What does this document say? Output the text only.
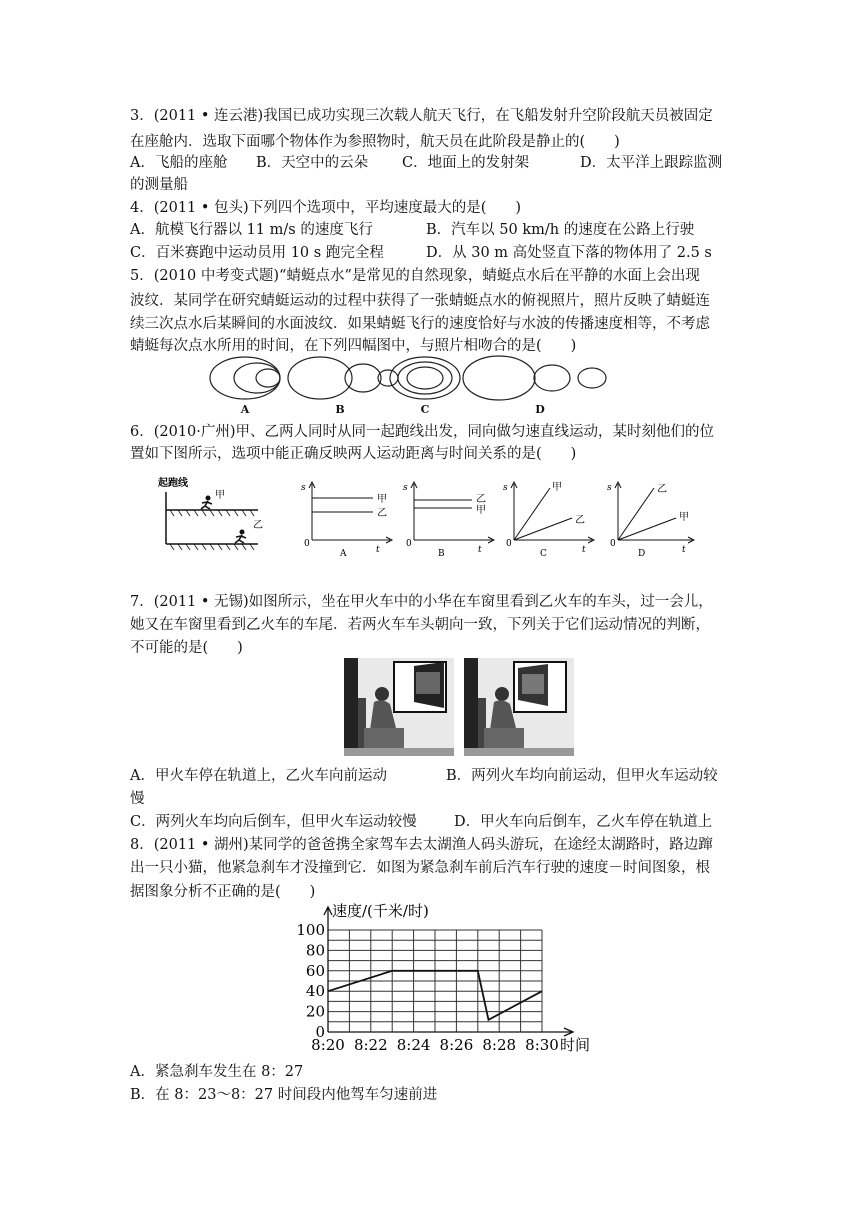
3．(2011 • 连云港)我国已成功实现三次载人航天飞行，在飞船发射升空阶段航天员被固定
在座舱内．选取下面哪个物体作为参照物时，航天员在此阶段是静止的(　　)
A．飞船的座舱 B．天空中的云朵 C．地面上的发射架	D．太平洋上跟踪监测
的测量船
4．(2011 • 包头)下列四个选项中，平均速度最大的是(　　)
A．航模飞行器以 11 m/s 的速度飞行	B．汽车以 50 km/h 的速度在公路上行驶
C．百米赛跑中运动员用 10 s 跑完全程	D．从 30 m 高处竖直下落的物体用了 2.5 s
5．(2010 中考变式题)“蜻蜓点水”是常见的自然现象，蜻蜓点水后在平静的水面上会出现
波纹．某同学在研究蜻蜓运动的过程中获得了一张蜻蜓点水的俯视照片，照片反映了蜻蜓连
续三次点水后某瞬间的水面波纹．如果蜻蜓飞行的速度恰好与水波的传播速度相等，不考虑
蜻蜓每次点水所用的时间，在下列四幅图中，与照片相吻合的是(　　)
A	B	C	D
6．(2010·广州)甲、乙两人同时从同一起跑线出发，同向做匀速直线运动，某时刻他们的位
置如下图所示，选项中能正确反映两人运动距离与时间关系的是(　　)
起跑线
甲
乙
s
0
t
甲
乙
A
s
0
t
乙
甲
B
s
0
t
甲
乙
C
s
0
t
乙
甲
D
7．(2011 • 无锡)如图所示，坐在甲火车中的小华在车窗里看到乙火车的车头，过一会儿，
她又在车窗里看到乙火车的车尾．若两火车车头朝向一致，下列关于它们运动情况的判断，
不可能的是(　　)
A．甲火车停在轨道上，乙火车向前运动	B．两列火车均向前运动，但甲火车运动较
慢
C．两列火车均向后倒车，但甲火车运动较慢	D．甲火车向后倒车，乙火车停在轨道上
8．(2011 • 湖州)某同学的爸爸携全家驾车去太湖渔人码头游玩，在途经太湖路时，路边蹿
出一只小猫，他紧急刹车才没撞到它．如图为紧急刹车前后汽车行驶的速度－时间图象，根
据图象分析不正确的是(　　)
0
20
40
60
80
100
8:20 8:22 8:24 8:26 8:28 8:30
速度/(千米/时)
时间
A．紧急刹车发生在 8：27
B．在 8：23～8：27 时间段内他驾车匀速前进
